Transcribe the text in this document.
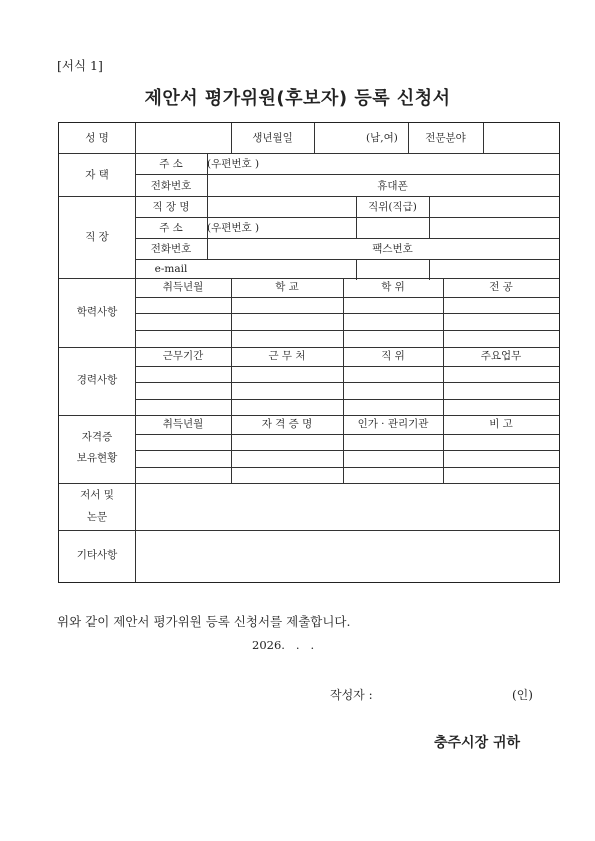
[서식 1]
제안서 평가위원(후보자) 등록 신청서
성 명	생년월일	(남,여)	전문분야
자 택
주 소	(우편번호 )
전화번호	휴대폰
직 장
직 장 명	직위(직급)
주 소	(우편번호 )
전화번호	팩스번호
e-mail
학력사항
취득년월	학 교	학 위	전 공
경력사항
근무기간	근 무 처	직 위	주요업무
자격증
보유현황
취득년월	자 격 증 명	인가 · 관리기관	비 고
저서 및
논문
기타사항
위와 같이 제안서 평가위원 등록 신청서를 제출합니다.
2026.   .   .
작성자 :	(인)
충주시장 귀하
